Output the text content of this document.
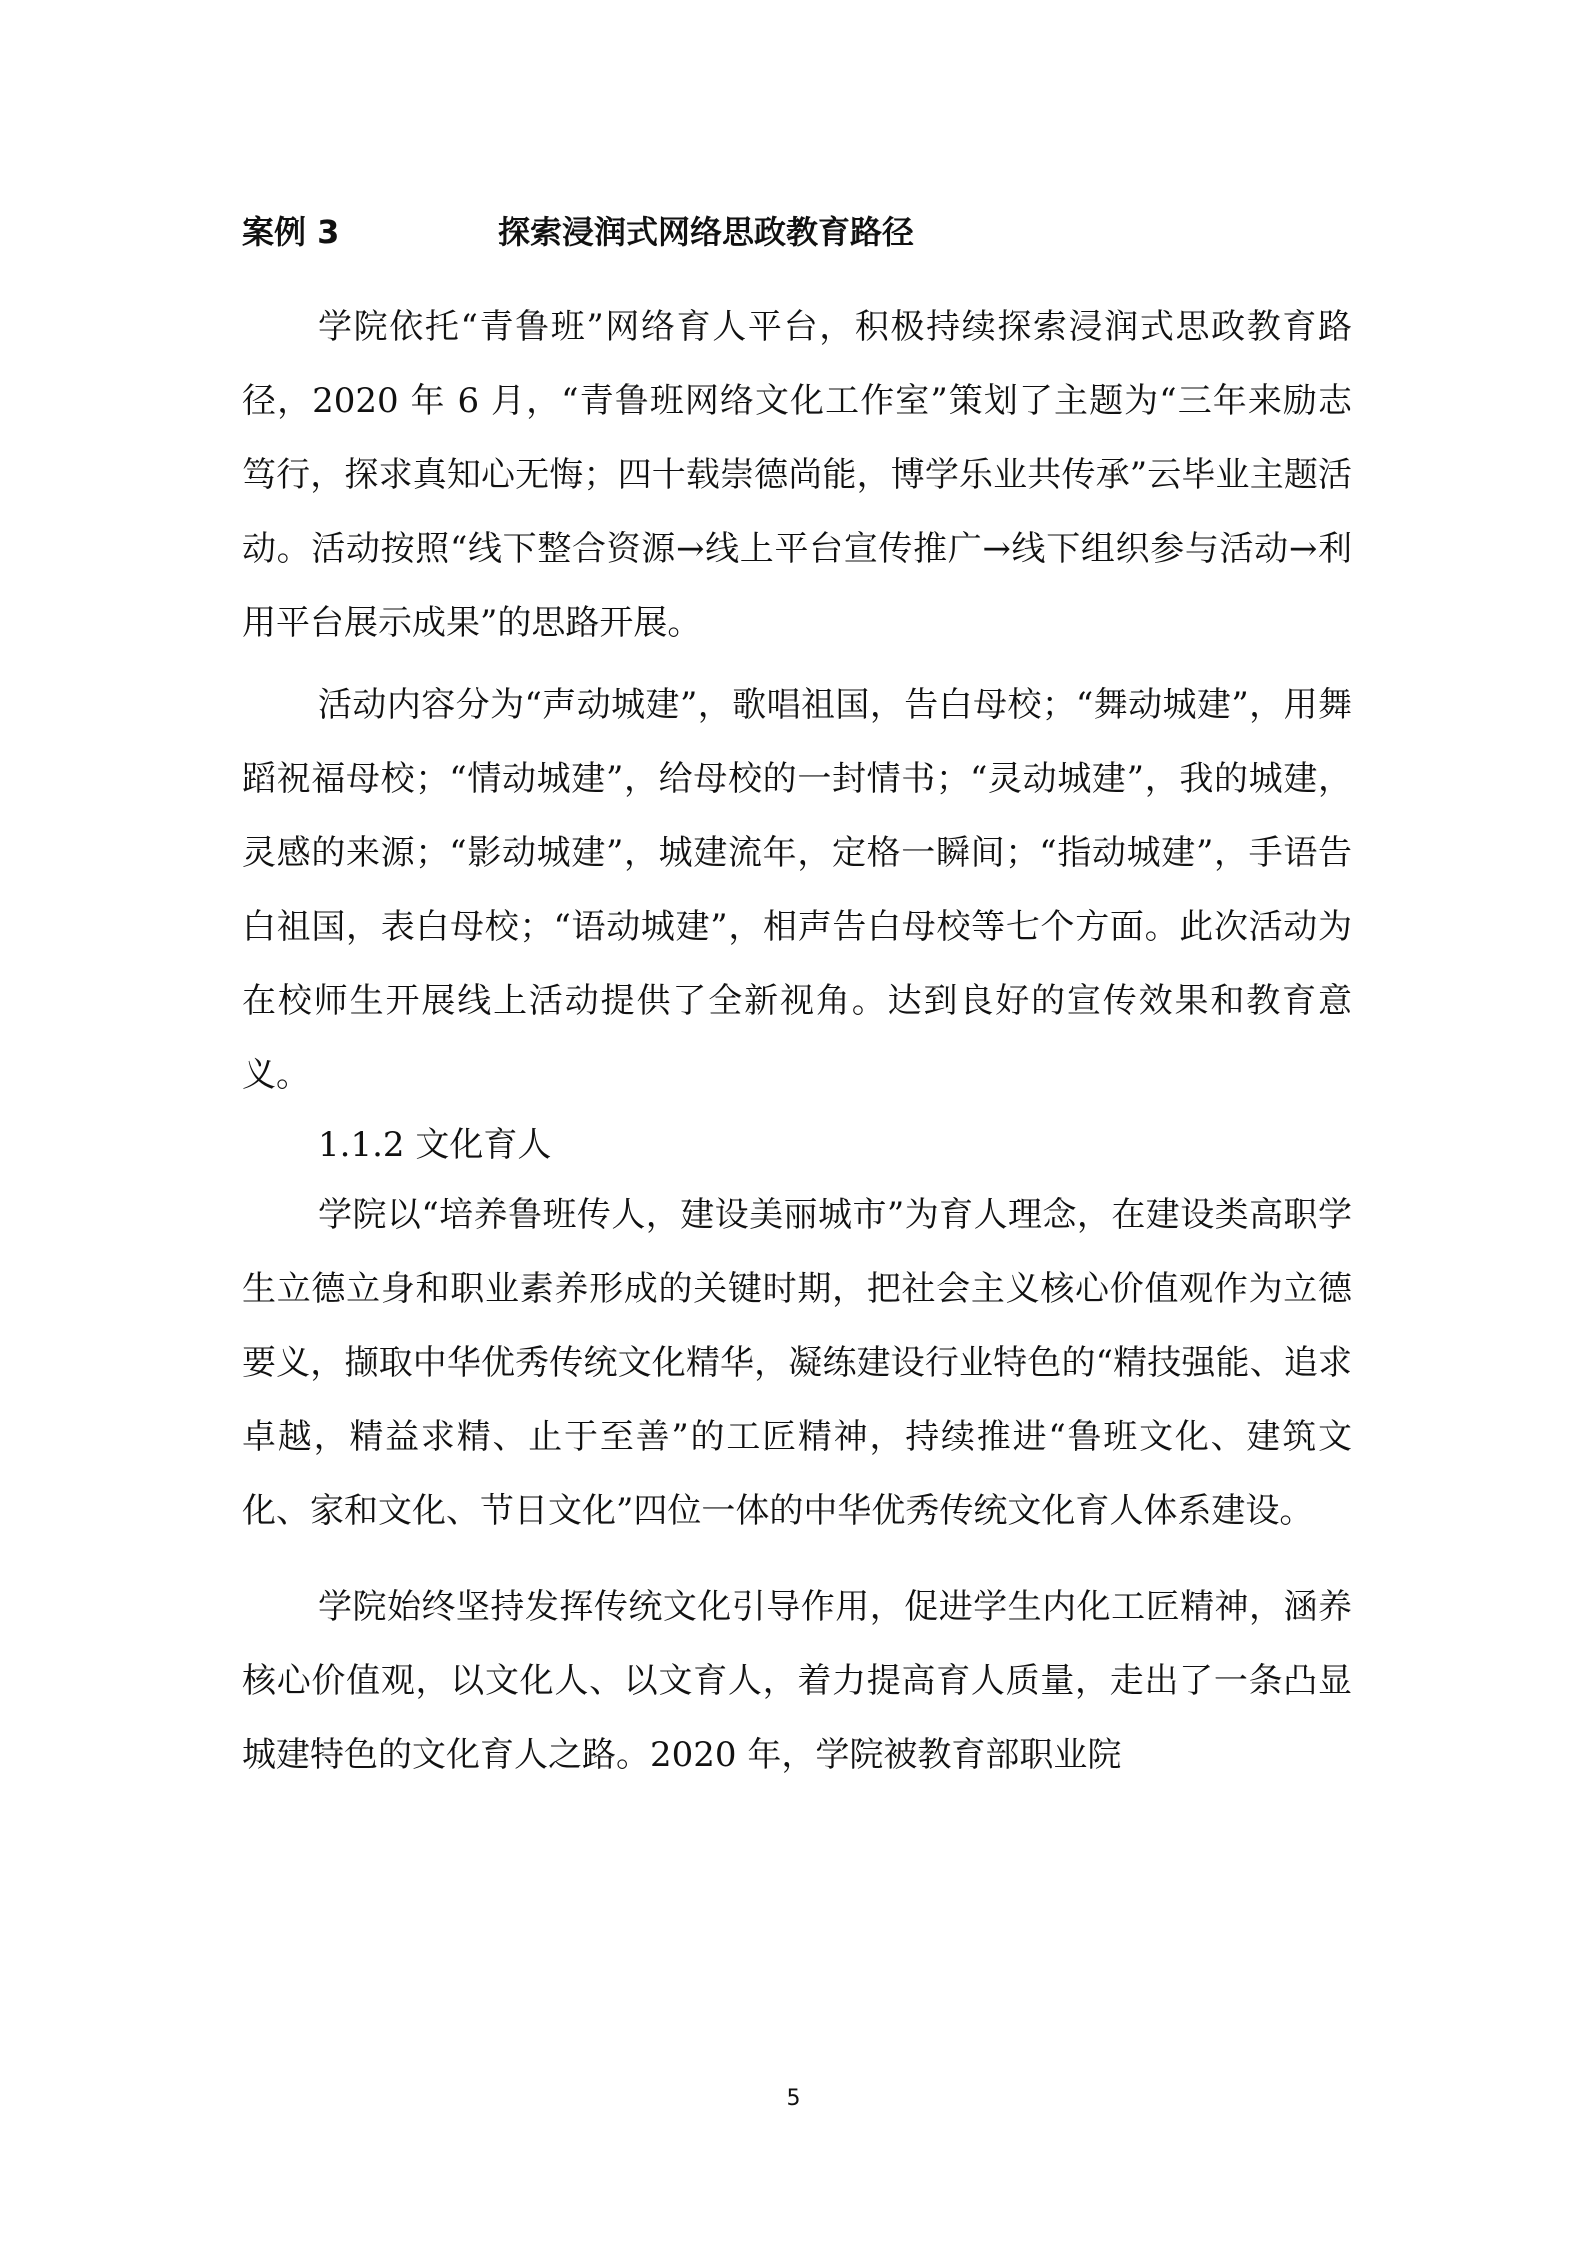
案例 3	探索浸润式网络思政教育路径

学院依托“青鲁班”网络育人平台，积极持续探索浸润式思政教育路径，2020 年 6 月，“青鲁班网络文化工作室”策划了主题为“三年来励志笃行，探求真知心无悔；四十载崇德尚能，博学乐业共传承”云毕业主题活动。活动按照“线下整合资源→线上平台宣传推广→线下组织参与活动→利用平台展示成果”的思路开展。

活动内容分为“声动城建”，歌唱祖国，告白母校；“舞动城建”，用舞蹈祝福母校；“情动城建”，给母校的一封情书；“灵动城建”，我的城建，灵感的来源；“影动城建”，城建流年，定格一瞬间；“指动城建”，手语告白祖国，表白母校；“语动城建”，相声告白母校等七个方面。此次活动为在校师生开展线上活动提供了全新视角。达到良好的宣传效果和教育意义。

1.1.2 文化育人

学院以“培养鲁班传人，建设美丽城市”为育人理念，在建设类高职学生立德立身和职业素养形成的关键时期，把社会主义核心价值观作为立德要义，撷取中华优秀传统文化精华，凝练建设行业特色的“精技强能、追求卓越，精益求精、止于至善”的工匠精神，持续推进“鲁班文化、建筑文化、家和文化、节日文化”四位一体的中华优秀传统文化育人体系建设。

学院始终坚持发挥传统文化引导作用，促进学生内化工匠精神，涵养核心价值观，以文化人、以文育人，着力提高育人质量，走出了一条凸显城建特色的文化育人之路。2020 年，学院被教育部职业院

5
